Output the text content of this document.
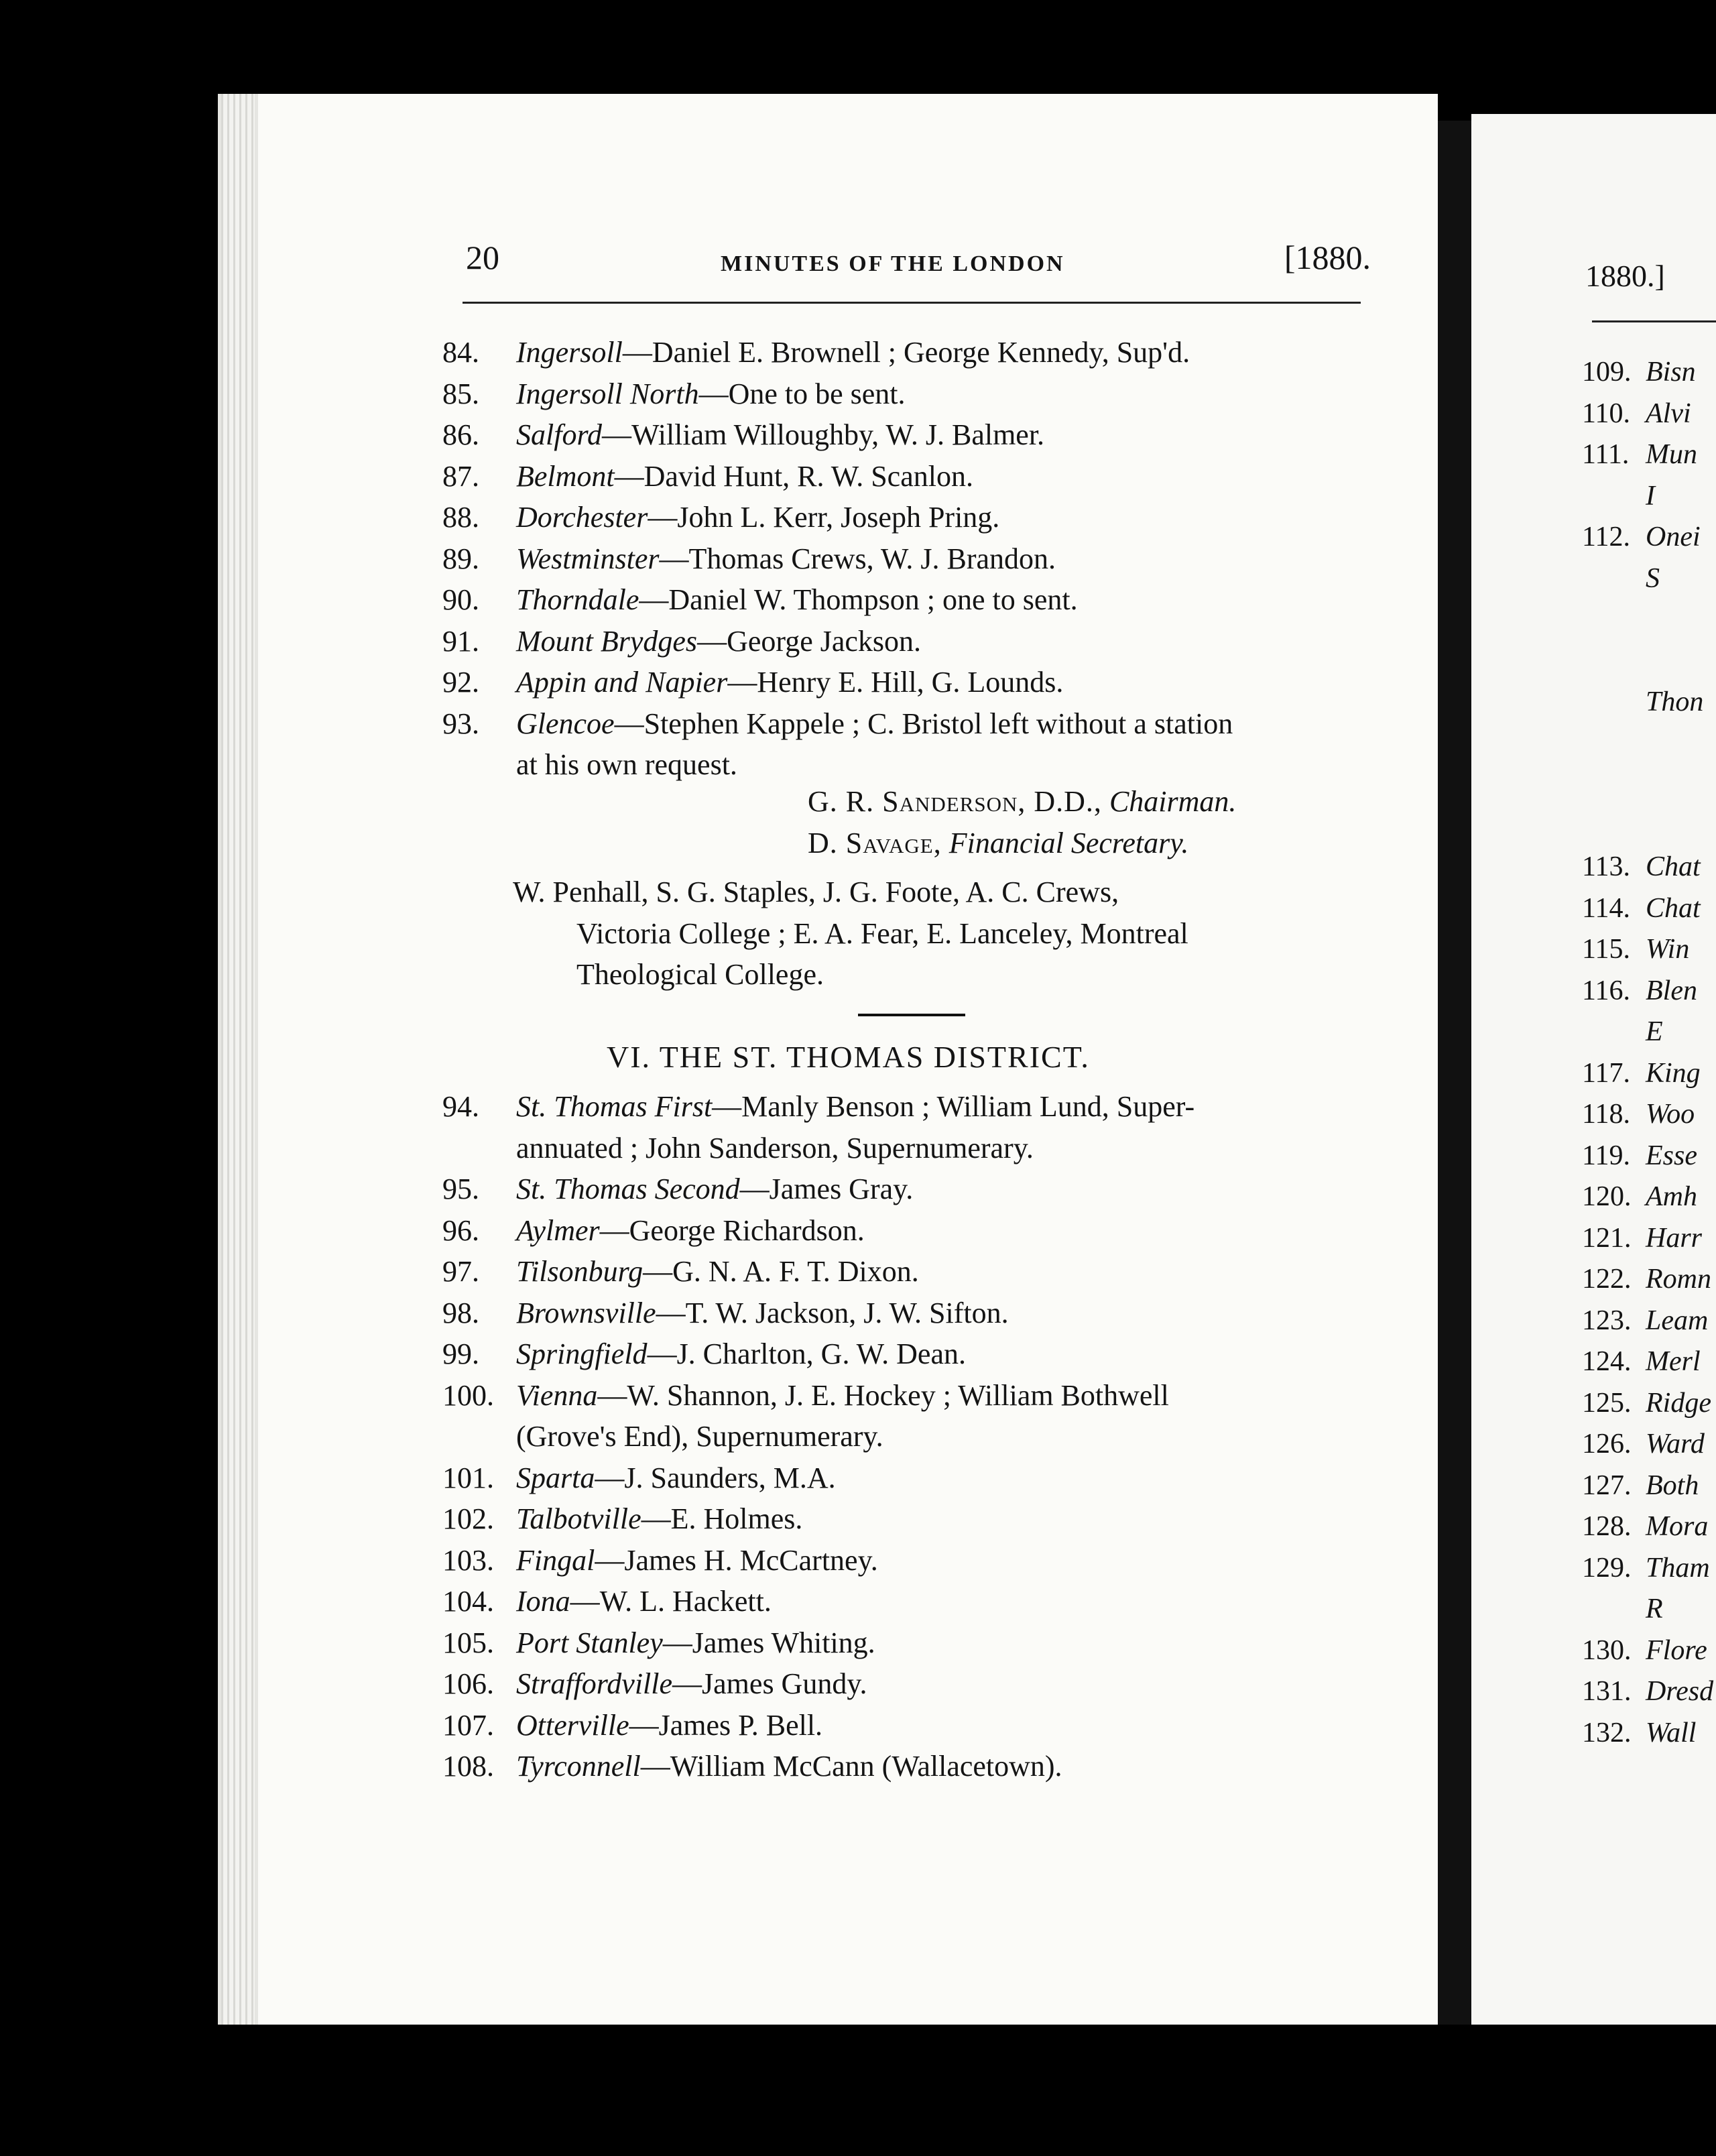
20	MINUTES OF THE LONDON	[1880.
84.	Ingersoll—Daniel E. Brownell ; George Kennedy, Sup'd.
85.	Ingersoll North—One to be sent.
86.	Salford—William Willoughby, W. J. Balmer.
87.	Belmont—David Hunt, R. W. Scanlon.
88.	Dorchester—John L. Kerr, Joseph Pring.
89.	Westminster—Thomas Crews, W. J. Brandon.
90.	Thorndale—Daniel W. Thompson ; one to sent.
91.	Mount Brydges—George Jackson.
92.	Appin and Napier—Henry E. Hill, G. Lounds.
93.	Glencoe—Stephen Kappele ; C. Bristol left without a station
at his own request.
G. R. Sanderson, D.D., Chairman.
D. Savage, Financial Secretary.
W. Penhall, S. G. Staples, J. G. Foote, A. C. Crews,
Victoria College ; E. A. Fear, E. Lanceley, Montreal
Theological College.
VI. THE ST. THOMAS DISTRICT.
94.	St. Thomas First—Manly Benson ; William Lund, Super-
annuated ; John Sanderson, Supernumerary.
95.	St. Thomas Second—James Gray.
96.	Aylmer—George Richardson.
97.	Tilsonburg—G. N. A. F. T. Dixon.
98.	Brownsville—T. W. Jackson, J. W. Sifton.
99.	Springfield—J. Charlton, G. W. Dean.
100. Vienna—W. Shannon, J. E. Hockey ; William Bothwell
(Grove's End), Supernumerary.
101. Sparta—J. Saunders, M.A.
102. Talbotville—E. Holmes.
103. Fingal—James H. McCartney.
104. Iona—W. L. Hackett.
105. Port Stanley—James Whiting.
106. Straffordville—James Gundy.
107. Otterville—James P. Bell.
108. Tyrconnell—William McCann (Wallacetown).
1880.]
109. Bisn
110. Alvi
111. Mun
I
112. Onei
S
Thon
113. Chat
114. Chat
115. Win
116. Blen
E
117. King
118. Woo
119. Esse
120. Amh
121. Harr
122. Romn
123. Leam
124. Merl
125. Ridge
126. Ward
127. Both
128. Mora
129. Tham
R
130. Flore
131. Dresd
132. Wall
